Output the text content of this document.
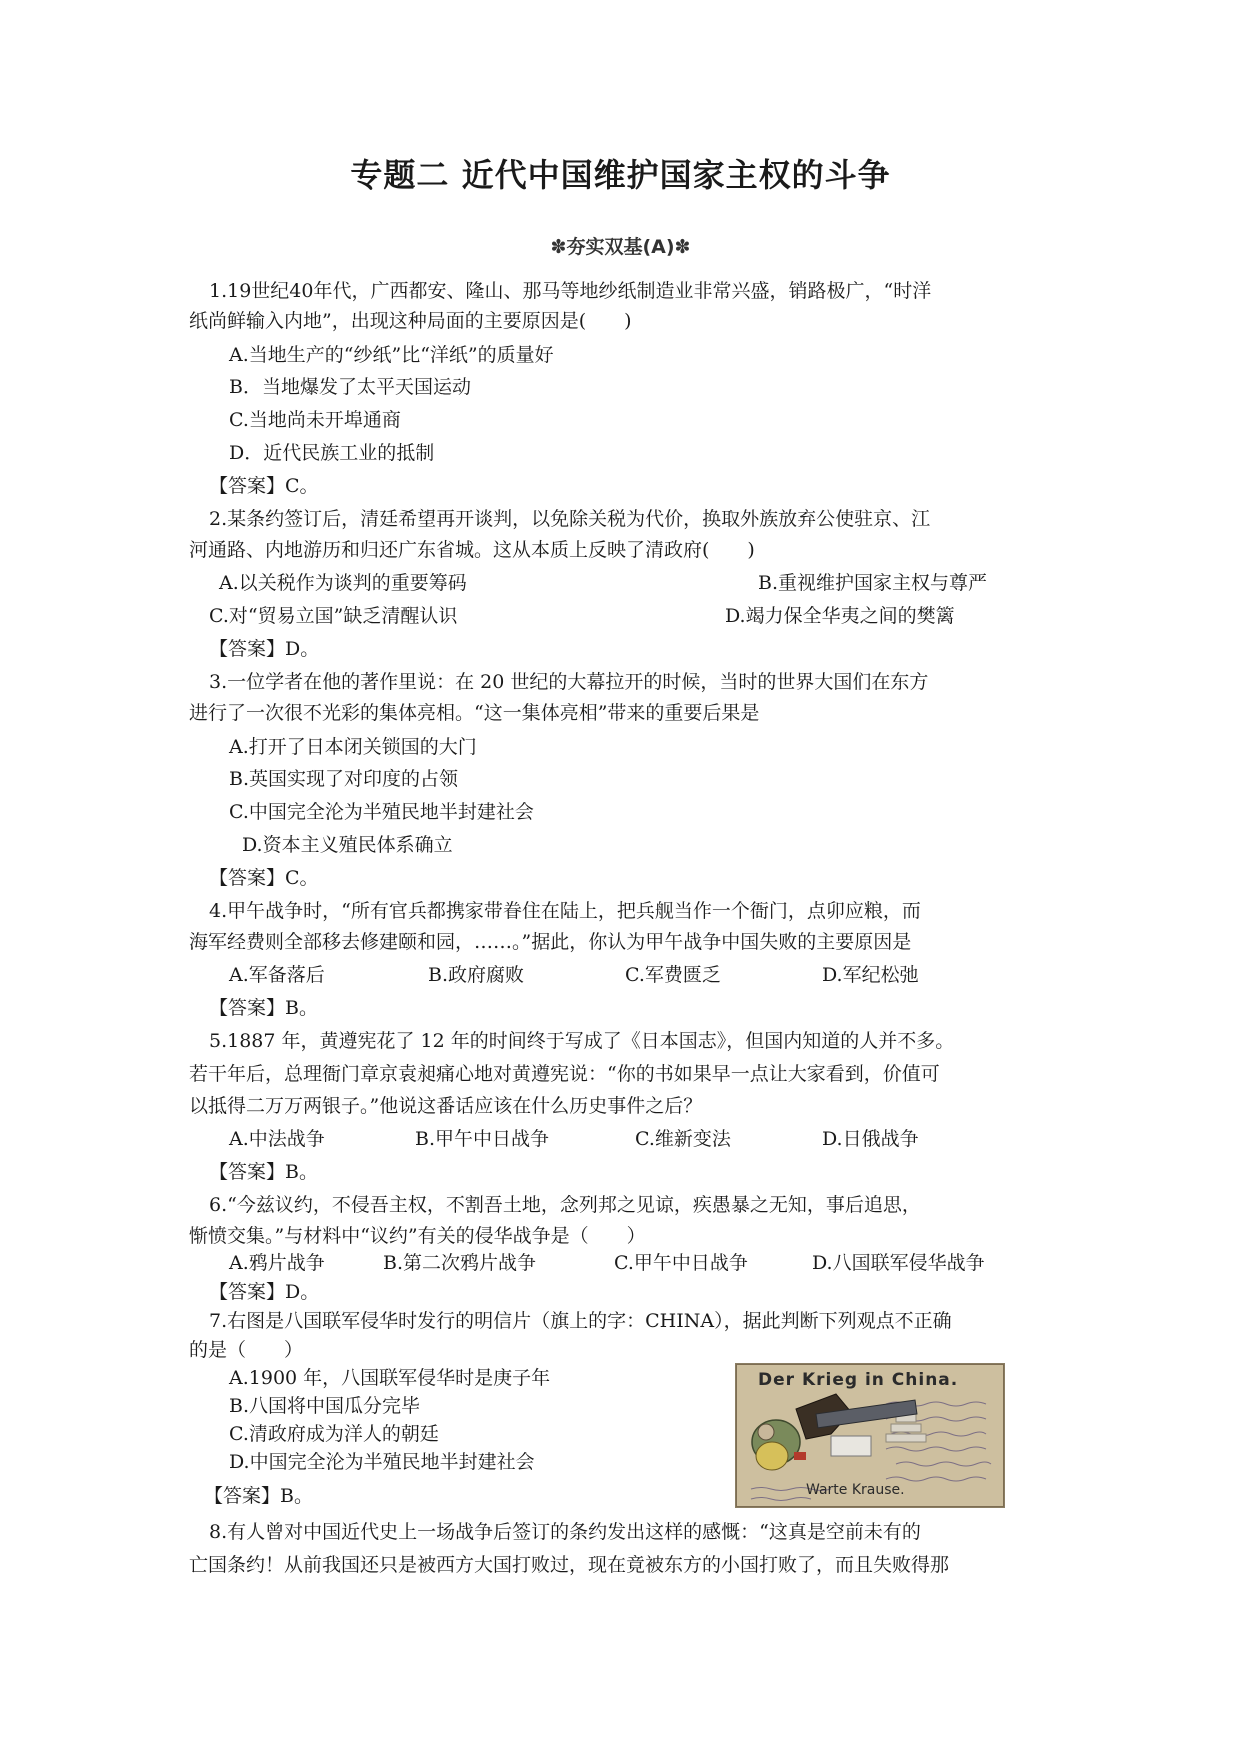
专题二 近代中国维护国家主权的斗争
✽夯实双基(A)✽
1.19世纪40年代，广西都安、隆山、那马等地纱纸制造业非常兴盛，销路极广，“时洋
纸尚鲜输入内地”，出现这种局面的主要原因是(　　)
A.当地生产的“纱纸”比“洋纸”的质量好
B．当地爆发了太平天国运动
C.当地尚未开埠通商
D．近代民族工业的抵制
【答案】C。
2.某条约签订后，清廷希望再开谈判，以免除关税为代价，换取外族放弃公使驻京、江
河通路、内地游历和归还广东省城。这从本质上反映了清政府(　　)
A.以关税作为谈判的重要筹码	B.重视维护国家主权与尊严
C.对“贸易立国”缺乏清醒认识	D.竭力保全华夷之间的樊篱
【答案】D。
3.一位学者在他的著作里说：在 20 世纪的大幕拉开的时候，当时的世界大国们在东方
进行了一次很不光彩的集体亮相。“这一集体亮相”带来的重要后果是
A.打开了日本闭关锁国的大门
B.英国实现了对印度的占领
C.中国完全沦为半殖民地半封建社会
D.资本主义殖民体系确立
【答案】C。
4.甲午战争时，“所有官兵都携家带眷住在陆上，把兵舰当作一个衙门，点卯应粮，而
海军经费则全部移去修建颐和园，……。”据此，你认为甲午战争中国失败的主要原因是
A.军备落后	B.政府腐败	C.军费匮乏	D.军纪松弛
【答案】B。
5.1887 年，黄遵宪花了 12 年的时间终于写成了《日本国志》，但国内知道的人并不多。
若干年后，总理衙门章京袁昶痛心地对黄遵宪说：“你的书如果早一点让大家看到，价值可
以抵得二万万两银子。”他说这番话应该在什么历史事件之后？
A.中法战争	B.甲午中日战争	C.维新变法	D.日俄战争
【答案】B。
6.“今兹议约，不侵吾主权，不割吾土地，念列邦之见谅，疾愚暴之无知，事后追思，
惭愤交集。”与材料中“议约”有关的侵华战争是（　　）
A.鸦片战争	B.第二次鸦片战争	C.甲午中日战争	D.八国联军侵华战争
【答案】D。
7.右图是八国联军侵华时发行的明信片（旗上的字：CHINA），据此判断下列观点不正确
的是（　　）
A.1900 年，八国联军侵华时是庚子年
B.八国将中国瓜分完毕
C.清政府成为洋人的朝廷
D.中国完全沦为半殖民地半封建社会
【答案】B。
Der Krieg in China.
Warte Krause.
8.有人曾对中国近代史上一场战争后签订的条约发出这样的感慨：“这真是空前未有的
亡国条约！从前我国还只是被西方大国打败过，现在竟被东方的小国打败了，而且失败得那
